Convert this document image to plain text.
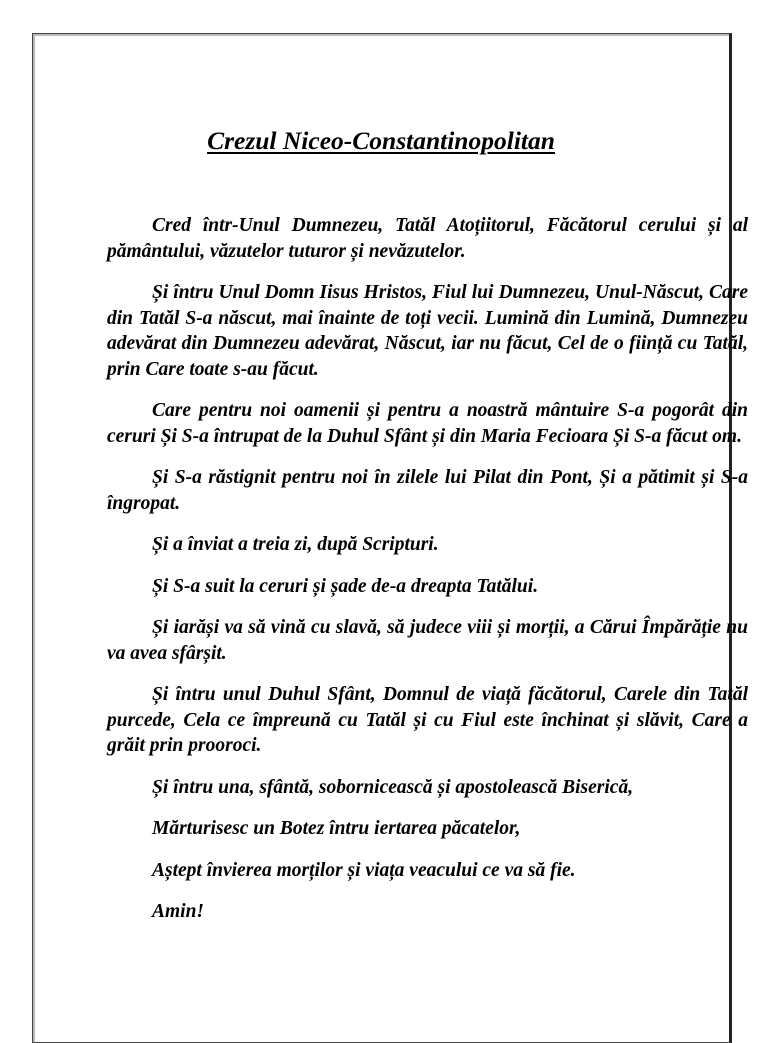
Crezul Niceo-Constantinopolitan

Cred într-Unul Dumnezeu, Tatăl Atoțiitorul, Făcătorul cerului și al pământului, văzutelor tuturor și nevăzutelor.

Și întru Unul Domn Iisus Hristos, Fiul lui Dumnezeu, Unul-Născut, Care din Tatăl S-a născut, mai înainte de toți vecii. Lumină din Lumină, Dumnezeu adevărat din Dumnezeu adevărat, Născut, iar nu făcut, Cel de o ființă cu Tatăl, prin Care toate s-au făcut.

Care pentru noi oamenii și pentru a noastră mântuire S-a pogorât din ceruri Și S-a întrupat de la Duhul Sfânt și din Maria Fecioara Și S-a făcut om.

Și S-a răstignit pentru noi în zilele lui Pilat din Pont, Și a pătimit și S-a îngropat.

Și a înviat a treia zi, după Scripturi.

Și S-a suit la ceruri și șade de-a dreapta Tatălui.

Și iarăși va să vină cu slavă, să judece viii și morții, a Cărui Împărăție nu va avea sfârșit.

Și întru unul Duhul Sfânt, Domnul de viață făcătorul, Carele din Tatăl purcede, Cela ce împreună cu Tatăl și cu Fiul este închinat și slăvit, Care a grăit prin prooroci.

Și întru una, sfântă, sobornicească și apostolească Biserică,

Mărturisesc un Botez întru iertarea păcatelor,

Aștept învierea morților și viața veacului ce va să fie.

Amin!
